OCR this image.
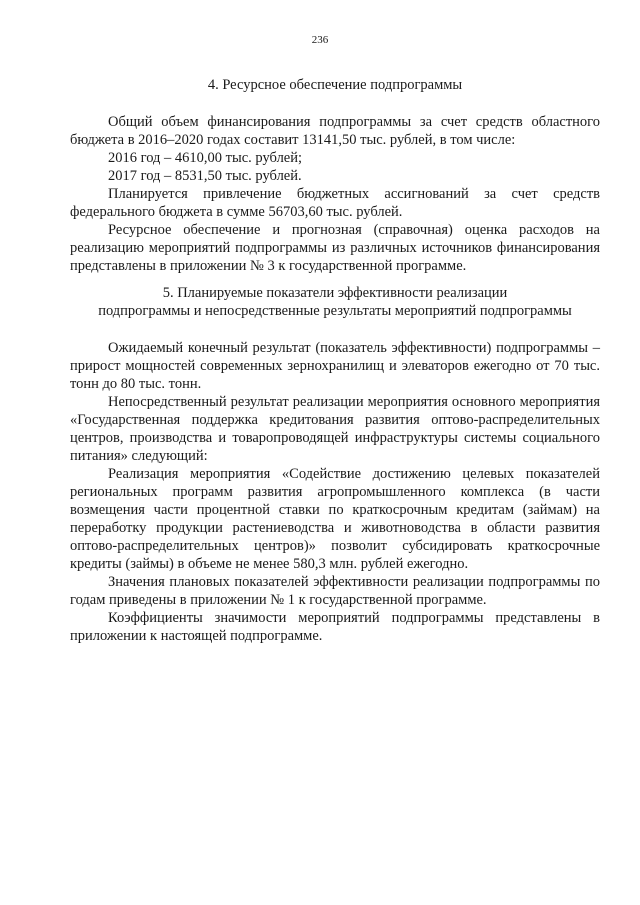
236
4. Ресурсное обеспечение подпрограммы

Общий объем финансирования подпрограммы за счет средств областного бюджета в 2016–2020 годах составит 13141,50 тыс. рублей, в том числе:

2016 год – 4610,00 тыс. рублей;

2017 год – 8531,50 тыс. рублей.

Планируется привлечение бюджетных ассигнований за счет средств федерального бюджета в сумме 56703,60 тыс. рублей.

Ресурсное обеспечение и прогнозная (справочная) оценка расходов на реализацию мероприятий подпрограммы из различных источников финансирования представлены в приложении № 3 к государственной программе.

5. Планируемые показатели эффективности реализации
подпрограммы и непосредственные результаты мероприятий подпрограммы

Ожидаемый конечный результат (показатель эффективности) подпрограммы – прирост мощностей современных зернохранилищ и элеваторов ежегодно от 70 тыс. тонн до 80 тыс. тонн.

Непосредственный результат реализации мероприятия основного мероприятия «Государственная поддержка кредитования развития оптово-распределительных центров, производства и товаропроводящей инфраструктуры системы социального питания» следующий:

Реализация мероприятия «Содействие достижению целевых показателей региональных программ развития агропромышленного комплекса (в части возмещения части процентной ставки по краткосрочным кредитам (займам) на переработку продукции растениеводства и животноводства в области развития оптово-распределительных центров)» позволит субсидировать краткосрочные кредиты (займы) в объеме не менее 580,3 млн. рублей ежегодно.

Значения плановых показателей эффективности реализации подпрограммы по годам приведены в приложении № 1 к государственной программе.

Коэффициенты значимости мероприятий подпрограммы представлены в приложении к настоящей подпрограмме.
